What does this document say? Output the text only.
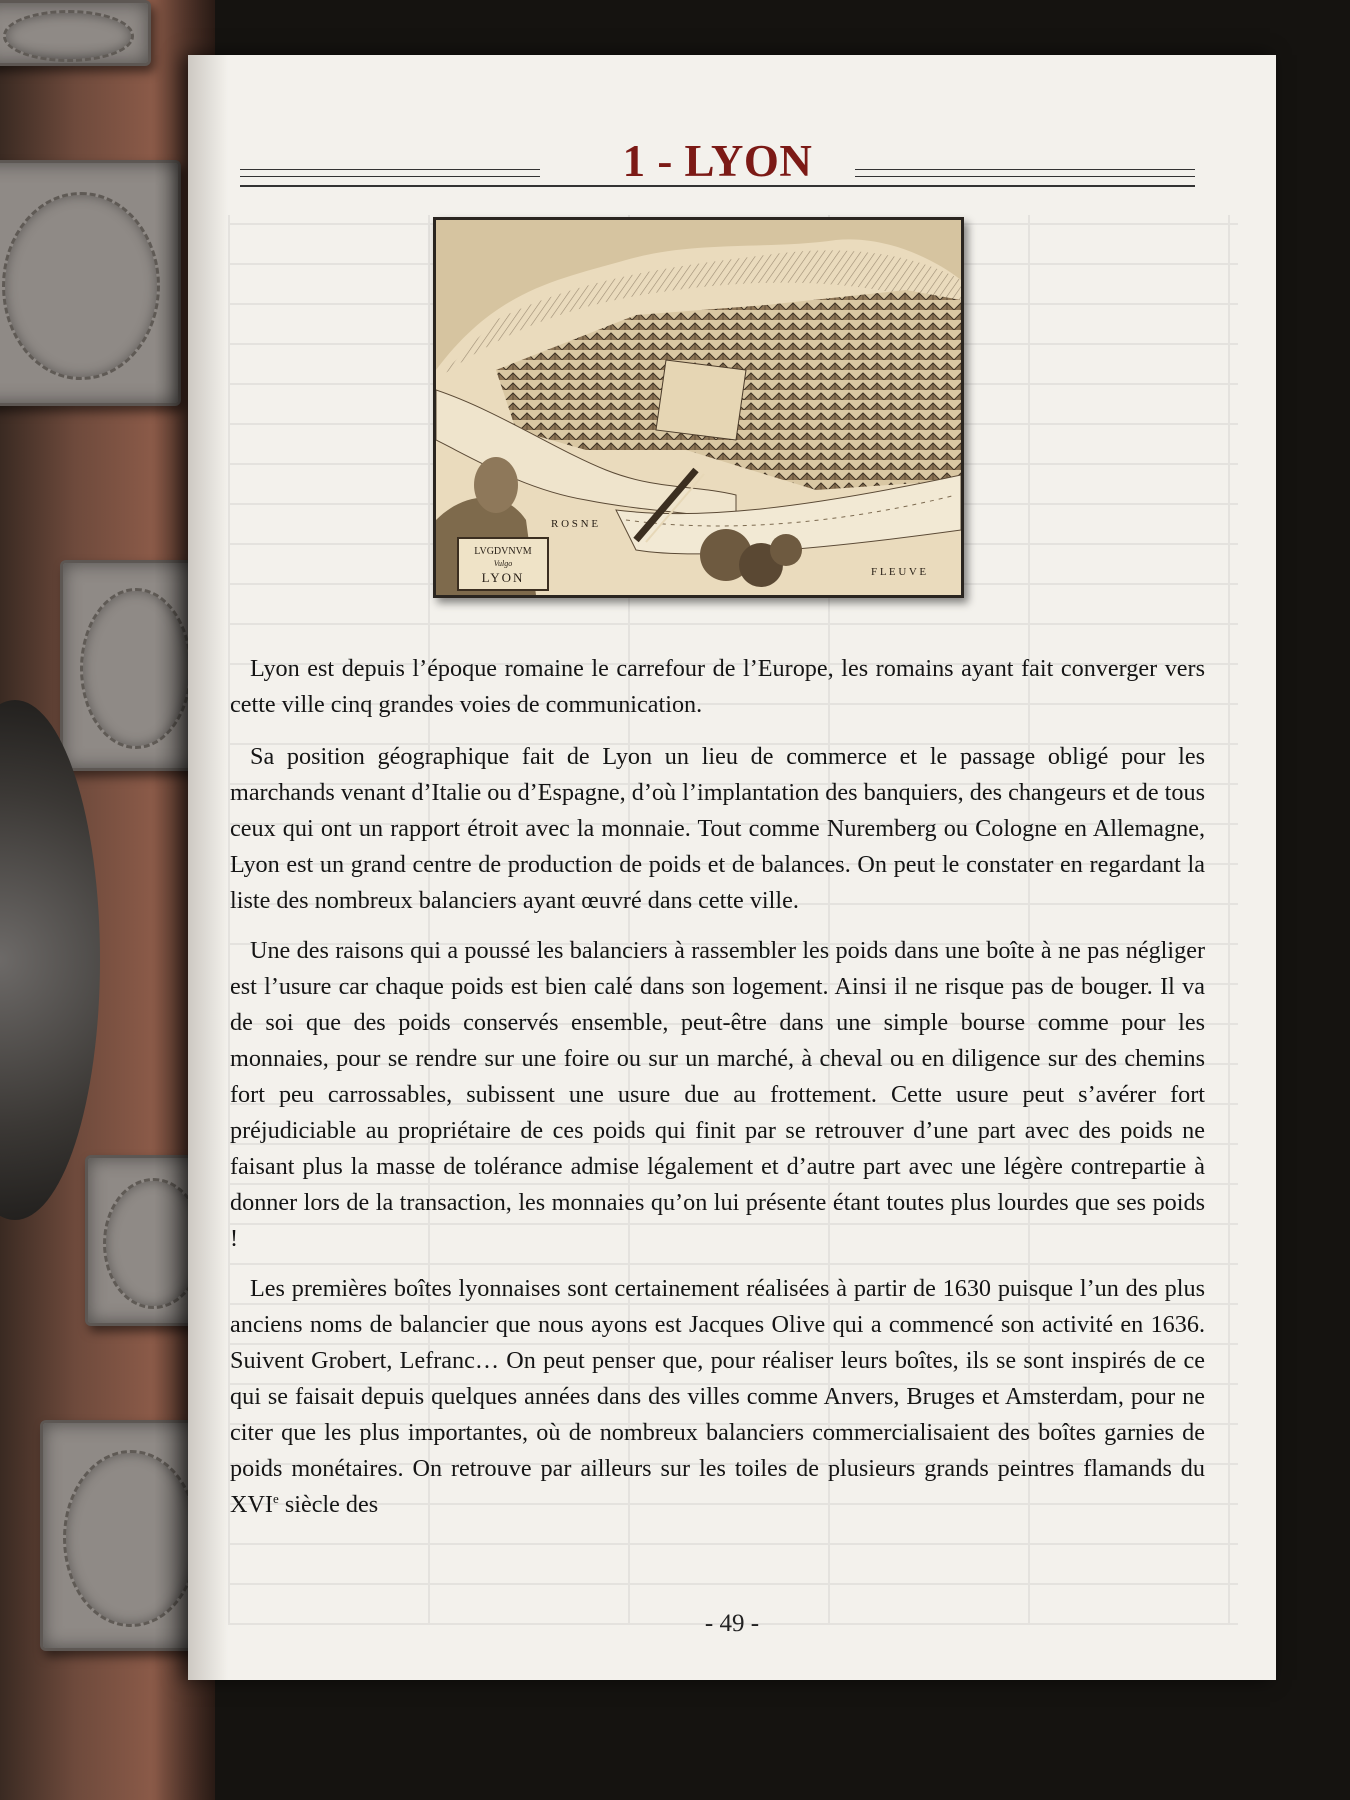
1 - LYON
LVGDVNVM
Vulgo
LYON
R O S N E
F L E U V E

Lyon est depuis l’époque romaine le carrefour de l’Europe, les romains ayant fait converger vers cette ville cinq grandes voies de communication.

Sa position géographique fait de Lyon un lieu de commerce et le passage obligé pour les marchands venant d’Italie ou d’Espagne, d’où l’implantation des banquiers, des changeurs et de tous ceux qui ont un rapport étroit avec la monnaie. Tout comme Nuremberg ou Cologne en Allemagne, Lyon est un grand centre de production de poids et de balances. On peut le constater en regardant la liste des nombreux balanciers ayant œuvré dans cette ville.

Une des raisons qui a poussé les balanciers à rassembler les poids dans une boîte à ne pas négliger est l’usure car chaque poids est bien calé dans son logement. Ainsi il ne risque pas de bouger. Il va de soi que des poids conservés ensemble, peut-être dans une simple bourse comme pour les monnaies, pour se rendre sur une foire ou sur un marché, à cheval ou en diligence sur des chemins fort peu carrossables, subissent une usure due au frottement. Cette usure peut s’avérer fort préjudiciable au propriétaire de ces poids qui finit par se retrouver d’une part avec des poids ne faisant plus la masse de tolérance admise légalement et d’autre part avec une légère contrepartie à donner lors de la transaction, les monnaies qu’on lui présente étant toutes plus lourdes que ses poids !

Les premières boîtes lyonnaises sont certainement réalisées à partir de 1630 puisque l’un des plus anciens noms de balancier que nous ayons est Jacques Olive qui a commencé son activité en 1636. Suivent Grobert, Lefranc… On peut penser que, pour réaliser leurs boîtes, ils se sont inspirés de ce qui se faisait depuis quelques années dans des villes comme Anvers, Bruges et Amsterdam, pour ne citer que les plus importantes, où de nombreux balanciers commercialisaient des boîtes garnies de poids monétaires. On retrouve par ailleurs sur les toiles de plusieurs grands peintres flamands du XVIe siècle des

- 49 -
